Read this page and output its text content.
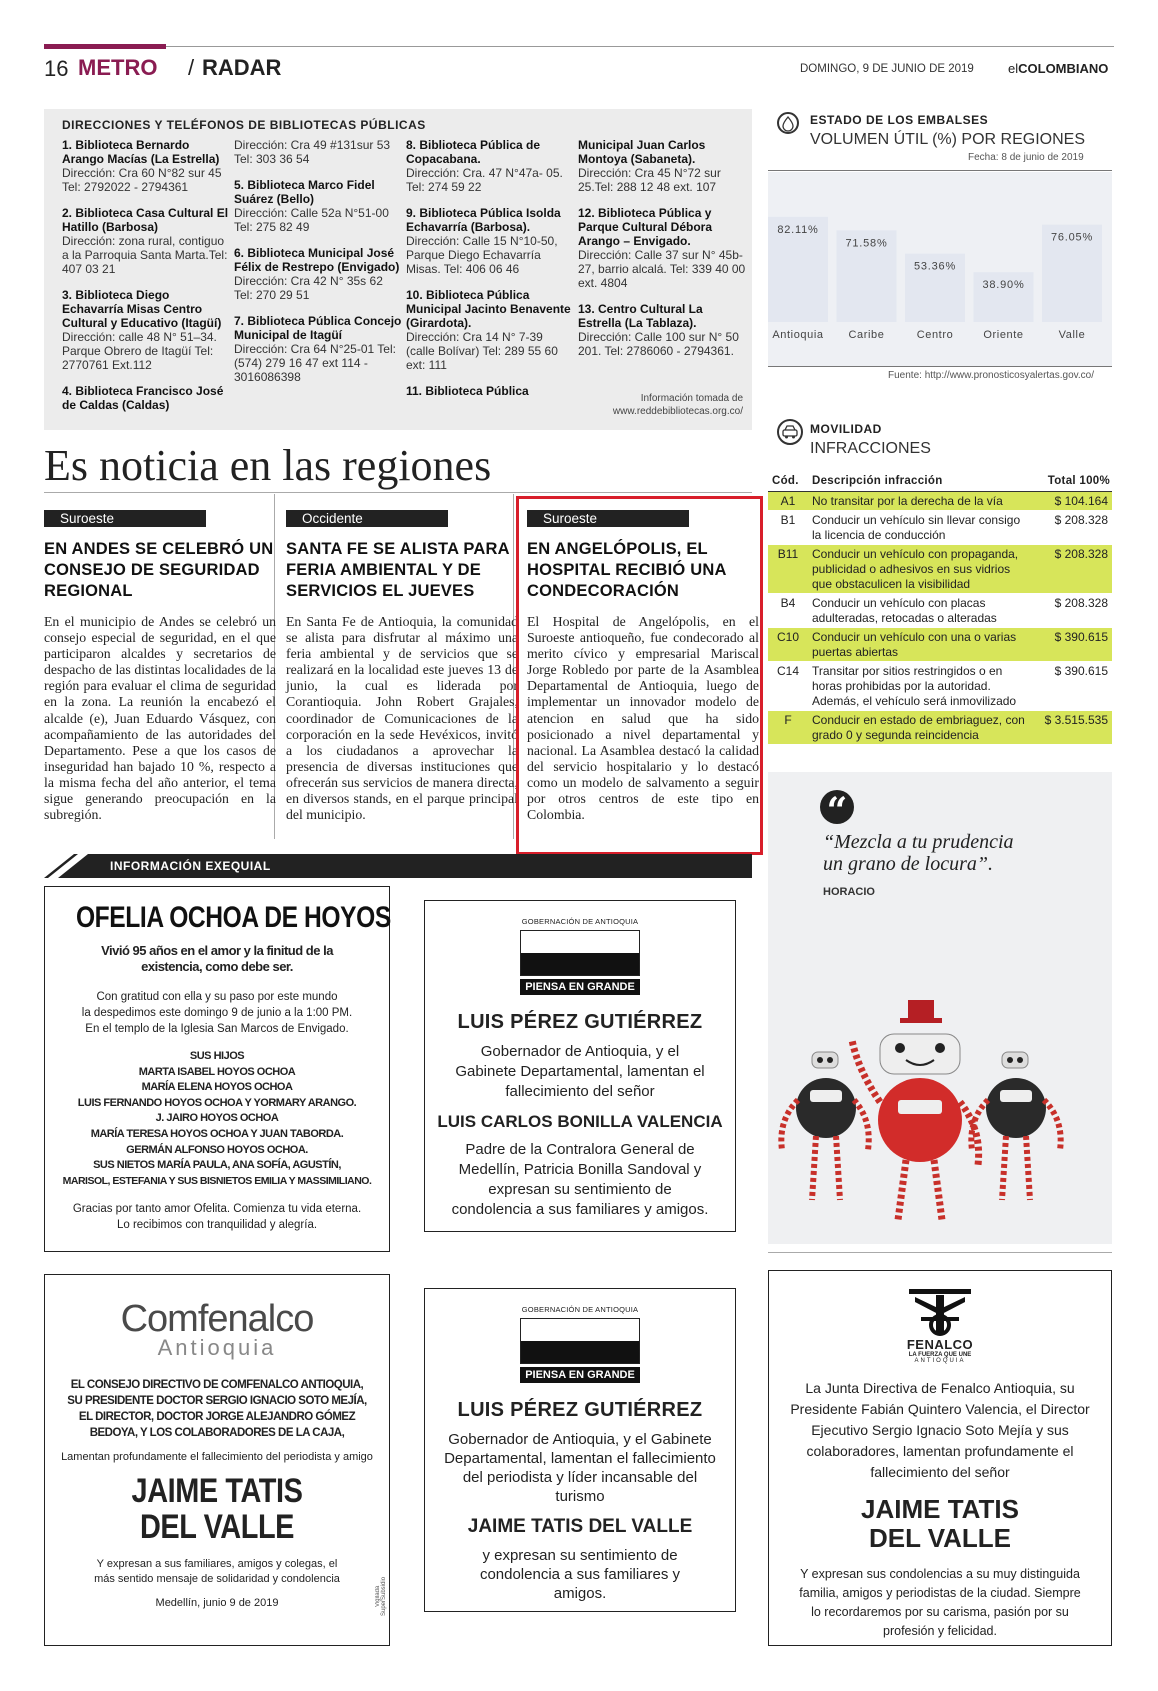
16 METRO / RADAR	DOMINGO, 9 DE JUNIO DE 2019	elCOLOMBIANO
DIRECCIONES Y TELÉFONOS DE BIBLIOTECAS PÚBLICAS
1. Biblioteca Bernardo Arango Macías (La Estrella)
Dirección: Cra 60 N°82 sur 45 Tel: 2792022 - 2794361
2. Biblioteca Casa Cultural El Hatillo (Barbosa)
Dirección: zona rural, contiguo a la Parroquia Santa Marta.Tel: 407 03 21
3. Biblioteca Diego Echavarría Misas Centro Cultural y Educativo (Itagüí)
Dirección: calle 48 N° 51–34. Parque Obrero de Itagüí Tel: 2770761 Ext.112
4. Biblioteca Francisco José de Caldas (Caldas)
Dirección: Cra 49 #131sur 53 Tel: 303 36 54
5. Biblioteca Marco Fidel Suárez (Bello)
Dirección: Calle 52a N°51-00 Tel: 275 82 49
6. Biblioteca Municipal José Félix de Restrepo (Envigado)
Dirección: Cra 42 N° 35s 62 Tel: 270 29 51
7. Biblioteca Pública Concejo Municipal de Itagüí
Dirección: Cra 64 N°25-01 Tel: (574) 279 16 47 ext 114 - 3016086398
8. Biblioteca Pública de Copacabana.
Dirección: Cra. 47 N°47a- 05. Tel: 274 59 22
9. Biblioteca Pública Isolda Echavarría (Barbosa).
Dirección: Calle 15 N°10-50, Parque Diego Echavarría Misas. Tel: 406 06 46
10. Biblioteca Pública Municipal Jacinto Benavente (Girardota).
Dirección: Cra 14 N° 7-39 (calle Bolívar) Tel: 289 55 60 ext: 111
11. Biblioteca Pública
Municipal Juan Carlos Montoya (Sabaneta).
Dirección: Cra 45 N°72 sur 25.Tel: 288 12 48 ext. 107
12. Biblioteca Pública y Parque Cultural Débora Arango – Envigado.
Dirección: Calle 37 sur N° 45b-27, barrio alcalá. Tel: 339 40 00 ext. 4804
13. Centro Cultural La Estrella (La Tablaza).
Dirección: Calle 100 sur N° 50 201. Tel: 2786060 - 2794361.
Información tomada de www.reddebibliotecas.org.co/
Es noticia en las regiones
Suroeste
EN ANDES SE CELEBRÓ UN CONSEJO DE SEGURIDAD REGIONAL

En el municipio de Andes se celebró un consejo especial de seguridad, en el que participaron alcaldes y secretarios de despacho de las distintas localidades de la región para evaluar el clima de seguridad en la zona. La reunión la encabezó el alcalde (e), Juan Eduardo Vásquez, con acompañamiento de las autoridades del Departamento. Pese a que los casos de inseguridad han bajado 10 %, respecto a la misma fecha del año anterior, el tema sigue generando preocupación en la subregión.

Occidente
SANTA FE SE ALISTA PARA FERIA AMBIENTAL Y DE SERVICIOS EL JUEVES

En Santa Fe de Antioquia, la comunidad se alista para disfrutar al máximo una feria ambiental y de servicios que se realizará en la localidad este jueves 13 de junio, la cual es liderada por Corantioquia. John Robert Grajales, coordinador de Comunicaciones de la corporación en la sede Hevéxicos, invitó a los ciudadanos a aprovechar la presencia de diversas instituciones que ofrecerán sus servicios de manera directa, en diversos stands, en el parque principal del municipio.

Suroeste
EN ANGELÓPOLIS, EL HOSPITAL RECIBIÓ UNA CONDECORACIÓN

El Hospital de Angelópolis, en el Suroeste antioqueño, fue condecorado al merito cívico y empresarial Mariscal Jorge Robledo por parte de la Asamblea Departamental de Antioquia, luego de implementar un innovador modelo de atencion en salud que ha sido posicionado a nivel departamental y nacional. La Asamblea destacó la calidad del servicio hospitalario y lo destacó como un modelo de salvamento a seguir por otros centros de este tipo en Colombia.

INFORMACIÓN EXEQUIAL
OFELIA OCHOA DE HOYOS
Vivió 95 años en el amor y la finitud de la existencia, como debe ser.
Con gratitud con ella y su paso por este mundo
la despedimos este domingo 9 de junio a la 1:00 PM.
En el templo de la Iglesia San Marcos de Envigado.
SUS HIJOS
MARTA ISABEL HOYOS OCHOA
MARÍA ELENA HOYOS OCHOA
LUIS FERNANDO HOYOS OCHOA Y YORMARY ARANGO.
J. JAIRO HOYOS OCHOA
MARÍA TERESA HOYOS OCHOA Y JUAN TABORDA.
GERMÁN ALFONSO HOYOS OCHOA.
SUS NIETOS MARÍA PAULA, ANA SOFÍA, AGUSTÍN,
MARISOL, ESTEFANIA Y SUS BISNIETOS EMILIA Y MASSIMILIANO.
Gracias por tanto amor Ofelita. Comienza tu vida eterna.
Lo recibimos con tranquilidad y alegría.
GOBERNACIÓN DE ANTIOQUIA
PIENSA EN GRANDE
LUIS PÉREZ GUTIÉRREZ
Gobernador de Antioquia, y el Gabinete Departamental, lamentan el fallecimiento del señor
LUIS CARLOS BONILLA VALENCIA
Padre de la Contralora General de Medellín, Patricia Bonilla Sandoval y expresan su sentimiento de condolencia a sus familiares y amigos.
Comfenalco
Antioquia
EL CONSEJO DIRECTIVO DE COMFENALCO ANTIOQUIA, SU PRESIDENTE DOCTOR SERGIO IGNACIO SOTO MEJÍA, EL DIRECTOR, DOCTOR JORGE ALEJANDRO GÓMEZ BEDOYA, Y LOS COLABORADORES DE LA CAJA,
Lamentan profundamente el fallecimiento del periodista y amigo
JAIME TATIS
DEL VALLE
Y expresan a sus familiares, amigos y colegas, el más sentido mensaje de solidaridad y condolencia
Medellín, junio 9 de 2019	Vigilada SuperSubsidio
GOBERNACIÓN DE ANTIOQUIA
PIENSA EN GRANDE
LUIS PÉREZ GUTIÉRREZ
Gobernador de Antioquia, y el Gabinete Departamental, lamentan el fallecimiento del periodista y líder incansable del turismo
JAIME TATIS DEL VALLE
y expresan su sentimiento de condolencia a sus familiares y amigos.
FENALCO
LA FUERZA QUE UNE
ANTIOQUIA
La Junta Directiva de Fenalco Antioquia, su Presidente Fabián Quintero Valencia, el Director Ejecutivo Sergio Ignacio Soto Mejía y sus colaboradores, lamentan profundamente el fallecimiento del señor
JAIME TATIS
DEL VALLE
Y expresan sus condolencias a su muy distinguida familia, amigos y periodistas de la ciudad. Siempre lo recordaremos por su carisma, pasión por su profesión y felicidad.
ESTADO DE LOS EMBALSES
VOLUMEN ÚTIL (%) POR REGIONES
Fecha: 8 de junio de 2019
82.11%
Antioquia
71.58%
Caribe
53.36%
Centro
38.90%
Oriente
76.05%
Valle
Fuente: http://www.pronosticosyalertas.gov.co/
MOVILIDAD
INFRACCIONES
Cód.	Descripción infracción	Total 100%
A1	No transitar por la derecha de la vía	$ 104.164
B1	Conducir un vehículo sin llevar consigo la licencia de conducción	$ 208.328
B11	Conducir un vehículo con propaganda, publicidad o adhesivos en sus vidrios que obstaculicen la visibilidad	$ 208.328
B4	Conducir un vehículo con placas adulteradas, retocadas o alteradas	$ 208.328
C10	Conducir un vehículo con una o varias puertas abiertas	$ 390.615
C14	Transitar por sitios restringidos o en horas prohibidas por la autoridad. Además, el vehículo será inmovilizado	$ 390.615
F	Conducir en estado de embriaguez, con grado 0 y segunda reincidencia	$ 3.515.535
“
“Mezcla a tu prudencia
un grano de locura”.
HORACIO
